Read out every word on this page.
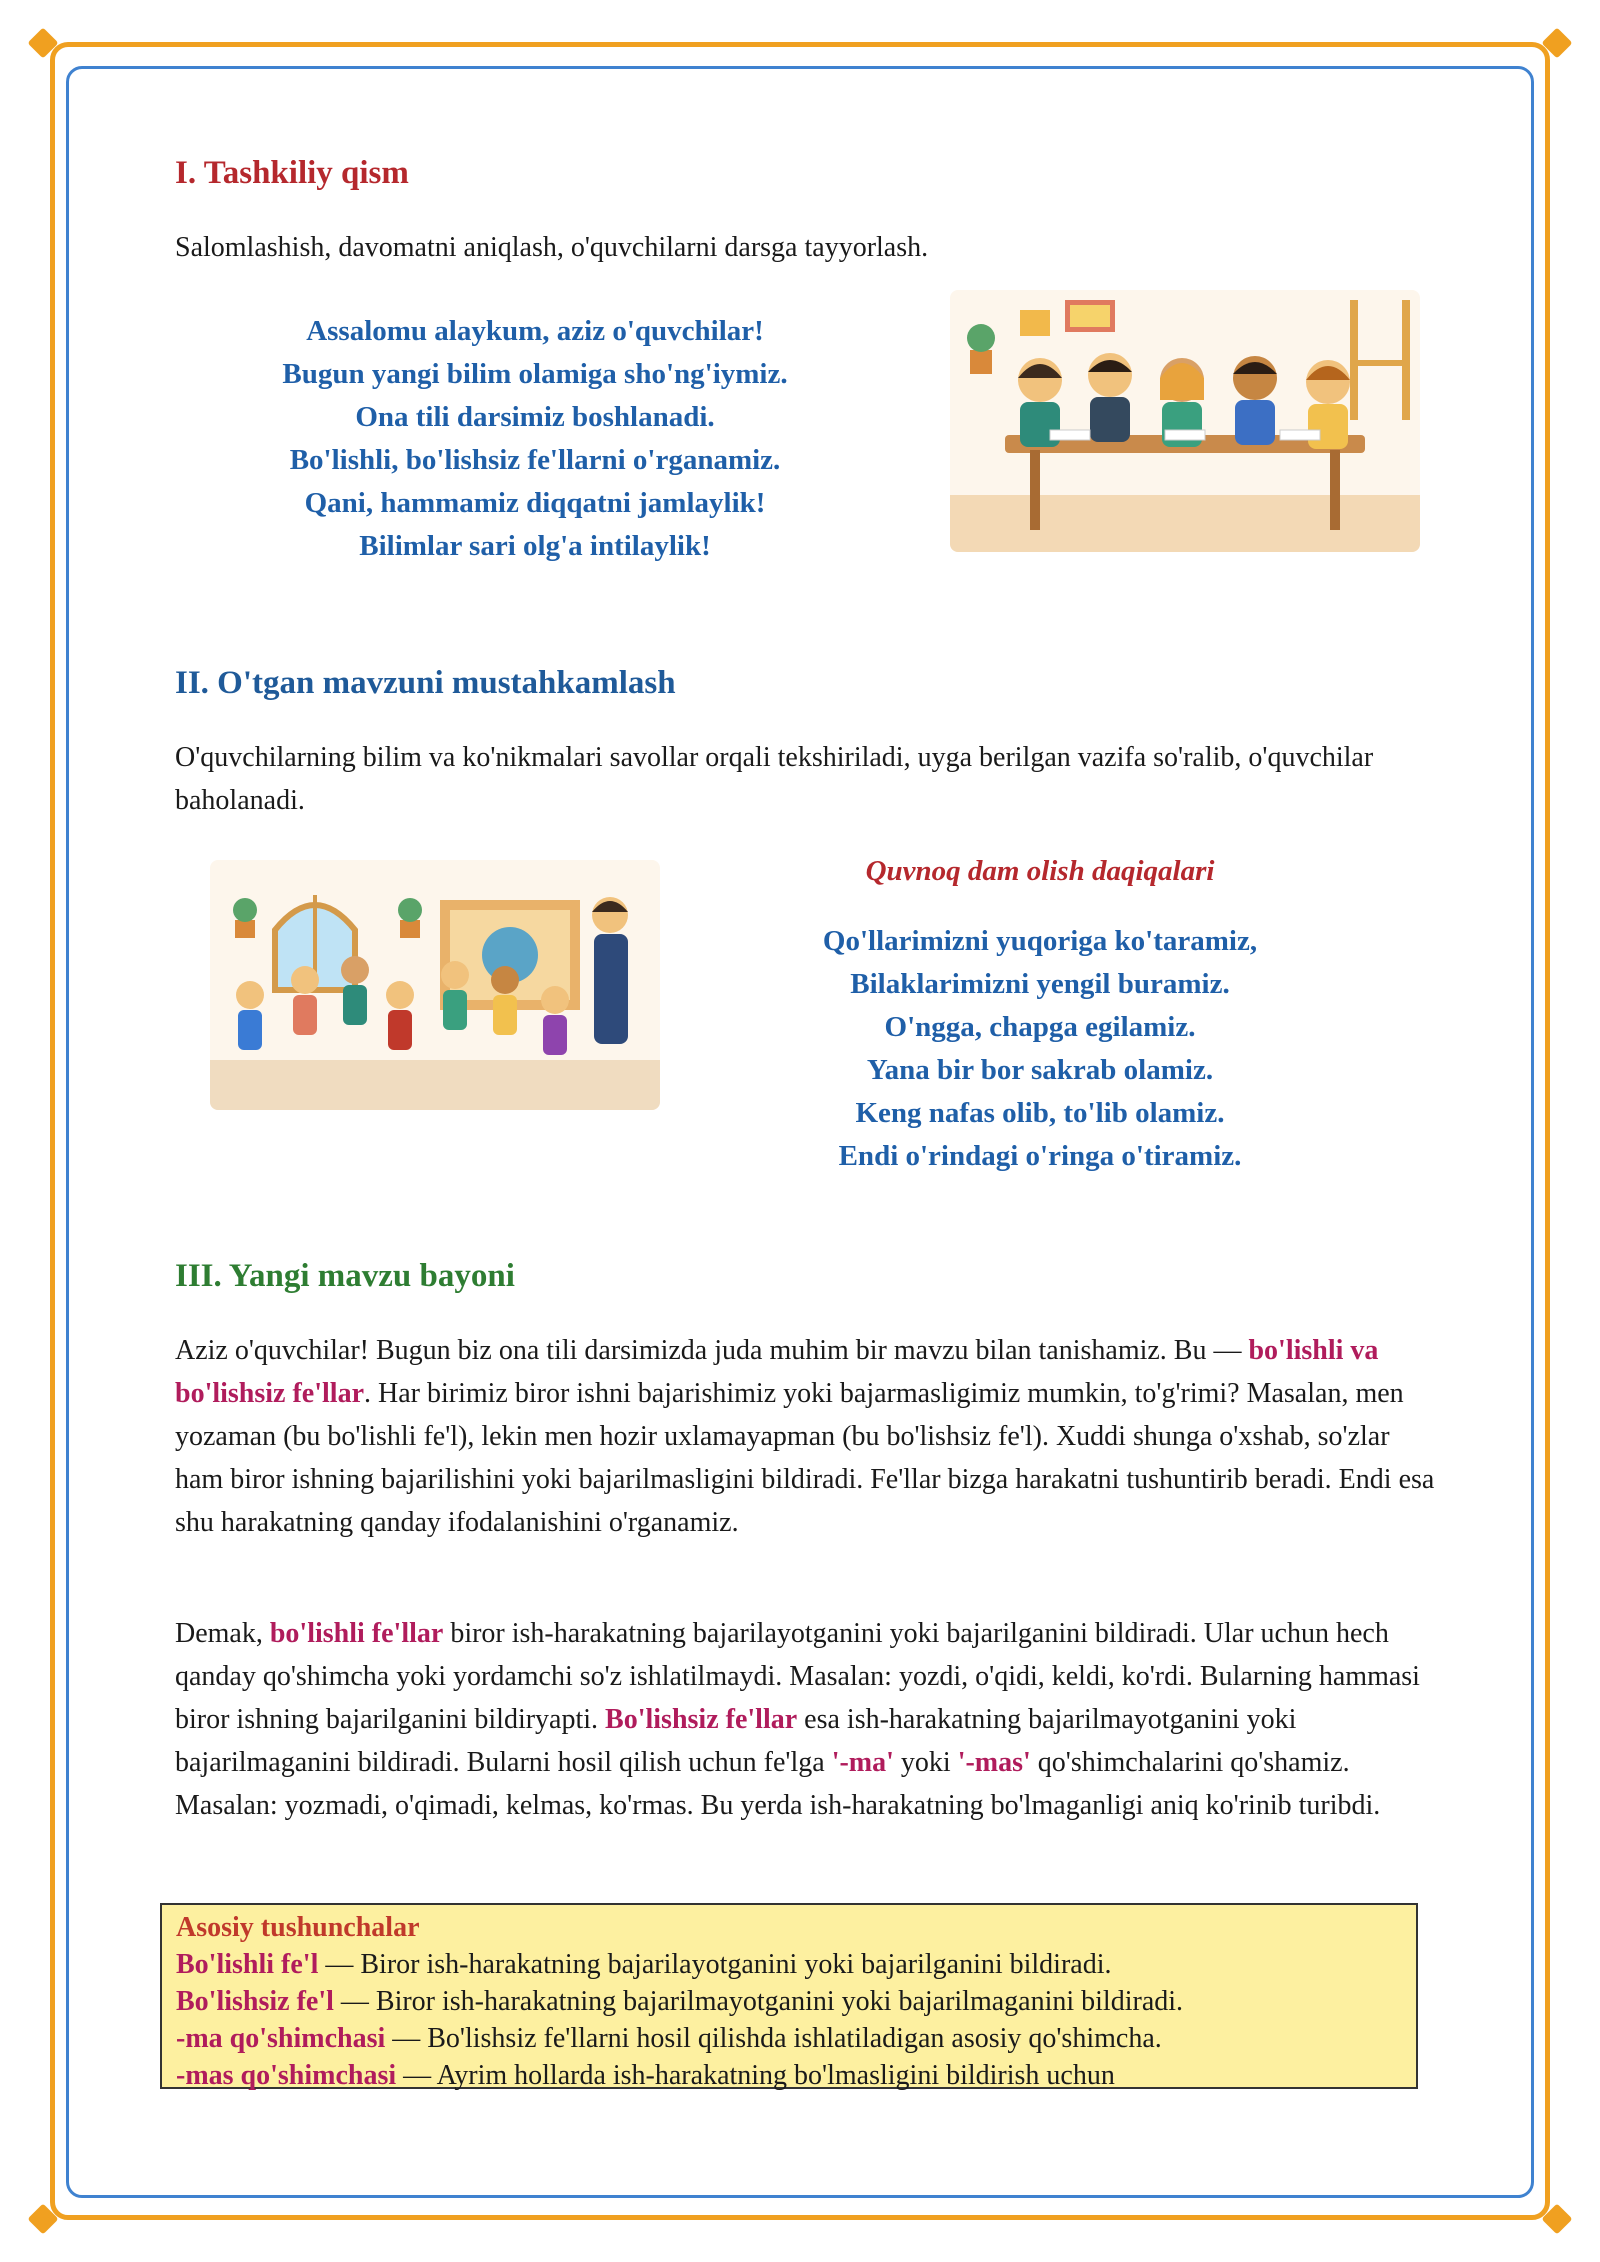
I. Tashkiliy qism

Salomlashish, davomatni aniqlash, o'quvchilarni darsga tayyorlash.

Assalomu alaykum, aziz o'quvchilar!
Bugun yangi bilim olamiga sho'ng'iymiz.
Ona tili darsimiz boshlanadi.
Bo'lishli, bo'lishsiz fe'llarni o'rganamiz.
Qani, hammamiz diqqatni jamlaylik!
Bilimlar sari olg'a intilaylik!
II. O'tgan mavzuni mustahkamlash

O'quvchilarning bilim va ko'nikmalari savollar orqali tekshiriladi, uyga berilgan vazifa so'ralib, o'quvchilar baholanadi.

Quvnoq dam olish daqiqalari
Qo'llarimizni yuqoriga ko'taramiz,
Bilaklarimizni yengil buramiz.
O'ngga, chapga egilamiz.
Yana bir bor sakrab olamiz.
Keng nafas olib, to'lib olamiz.
Endi o'rindagi o'ringa o'tiramiz.
III. Yangi mavzu bayoni

Aziz o'quvchilar! Bugun biz ona tili darsimizda juda muhim bir mavzu bilan tanishamiz. Bu — bo'lishli va bo'lishsiz fe'llar. Har birimiz biror ishni bajarishimiz yoki bajarmasligimiz mumkin, to'g'rimi? Masalan, men yozaman (bu bo'lishli fe'l), lekin men hozir uxlamayapman (bu bo'lishsiz fe'l). Xuddi shunga o'xshab, so'zlar ham biror ishning bajarilishini yoki bajarilmasligini bildiradi. Fe'llar bizga harakatni tushuntirib beradi. Endi esa shu harakatning qanday ifodalanishini o'rganamiz.

Demak, bo'lishli fe'llar biror ish-harakatning bajarilayotganini yoki bajarilganini bildiradi. Ular uchun hech qanday qo'shimcha yoki yordamchi so'z ishlatilmaydi. Masalan: yozdi, o'qidi, keldi, ko'rdi. Bularning hammasi biror ishning bajarilganini bildiryapti. Bo'lishsiz fe'llar esa ish-harakatning bajarilmayotganini yoki bajarilmaganini bildiradi. Bularni hosil qilish uchun fe'lga '-ma' yoki '-mas' qo'shimchalarini qo'shamiz. Masalan: yozmadi, o'qimadi, kelmas, ko'rmas. Bu yerda ish-harakatning bo'lmaganligi aniq ko'rinib turibdi.

Asosiy tushunchalar
Bo'lishli fe'l — Biror ish-harakatning bajarilayotganini yoki bajarilganini bildiradi.
Bo'lishsiz fe'l — Biror ish-harakatning bajarilmayotganini yoki bajarilmaganini bildiradi.
-ma qo'shimchasi — Bo'lishsiz fe'llarni hosil qilishda ishlatiladigan asosiy qo'shimcha.
-mas qo'shimchasi — Ayrim hollarda ish-harakatning bo'lmasligini bildirish uchun
